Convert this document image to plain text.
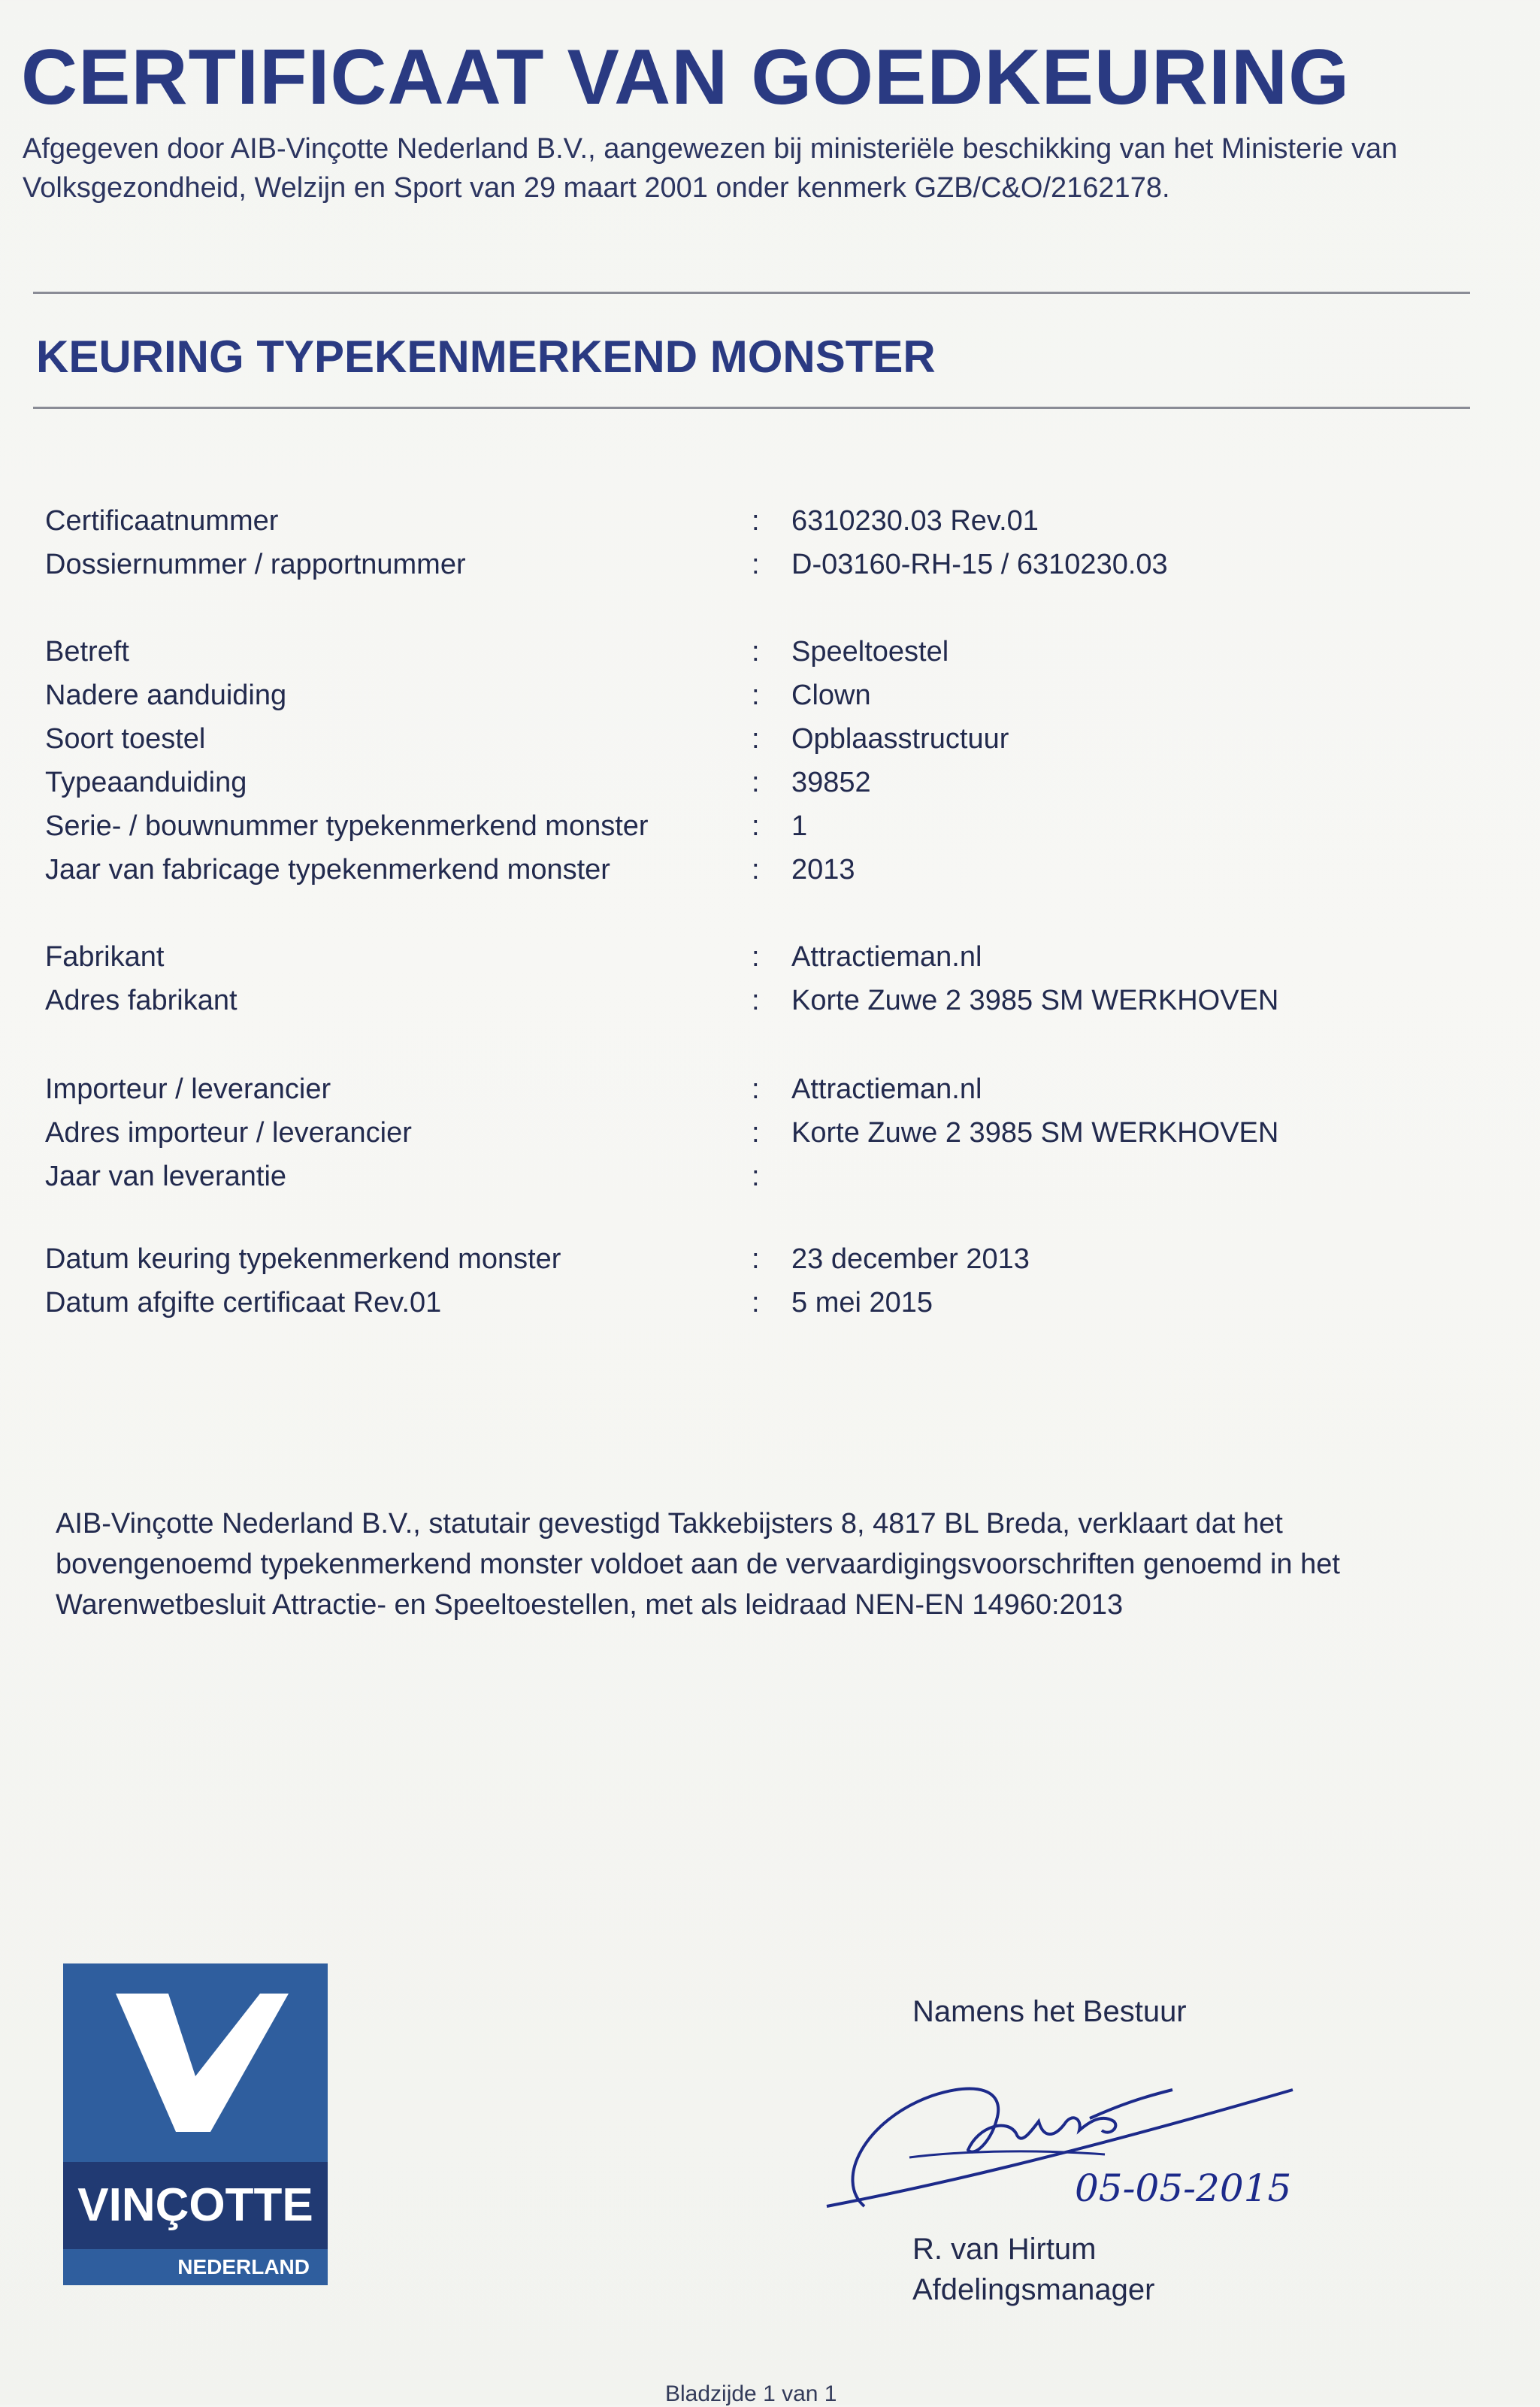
CERTIFICAAT VAN GOEDKEURING
Afgegeven door AIB-Vinçotte Nederland B.V., aangewezen bij ministeriële beschikking van het Ministerie van Volksgezondheid, Welzijn en Sport van 29 maart 2001 onder kenmerk GZB/C&O/2162178.
KEURING TYPEKENMERKEND MONSTER
Certificaatnummer	: 6310230.03 Rev.01
Dossiernummer / rapportnummer	: D-03160-RH-15 / 6310230.03
Betreft	: Speeltoestel
Nadere aanduiding	: Clown
Soort toestel	: Opblaasstructuur
Typeaanduiding	: 39852
Serie- / bouwnummer typekenmerkend monster	: 1
Jaar van fabricage typekenmerkend monster	: 2013
Fabrikant	: Attractieman.nl
Adres fabrikant	: Korte Zuwe 2 3985 SM WERKHOVEN
Importeur / leverancier	: Attractieman.nl
Adres importeur / leverancier	: Korte Zuwe 2 3985 SM WERKHOVEN
Jaar van leverantie	:
Datum keuring typekenmerkend monster	: 23 december 2013
Datum afgifte certificaat Rev.01	: 5 mei 2015
AIB-Vinçotte Nederland B.V., statutair gevestigd Takkebijsters 8, 4817 BL Breda, verklaart dat het bovengenoemd typekenmerkend monster voldoet aan de vervaardigingsvoorschriften genoemd in het Warenwetbesluit Attractie- en Speeltoestellen, met als leidraad NEN-EN 14960:2013
VINÇOTTE
NEDERLAND
Namens het Bestuur
05-05-2015
R. van Hirtum
Afdelingsmanager
Bladzijde 1 van 1
